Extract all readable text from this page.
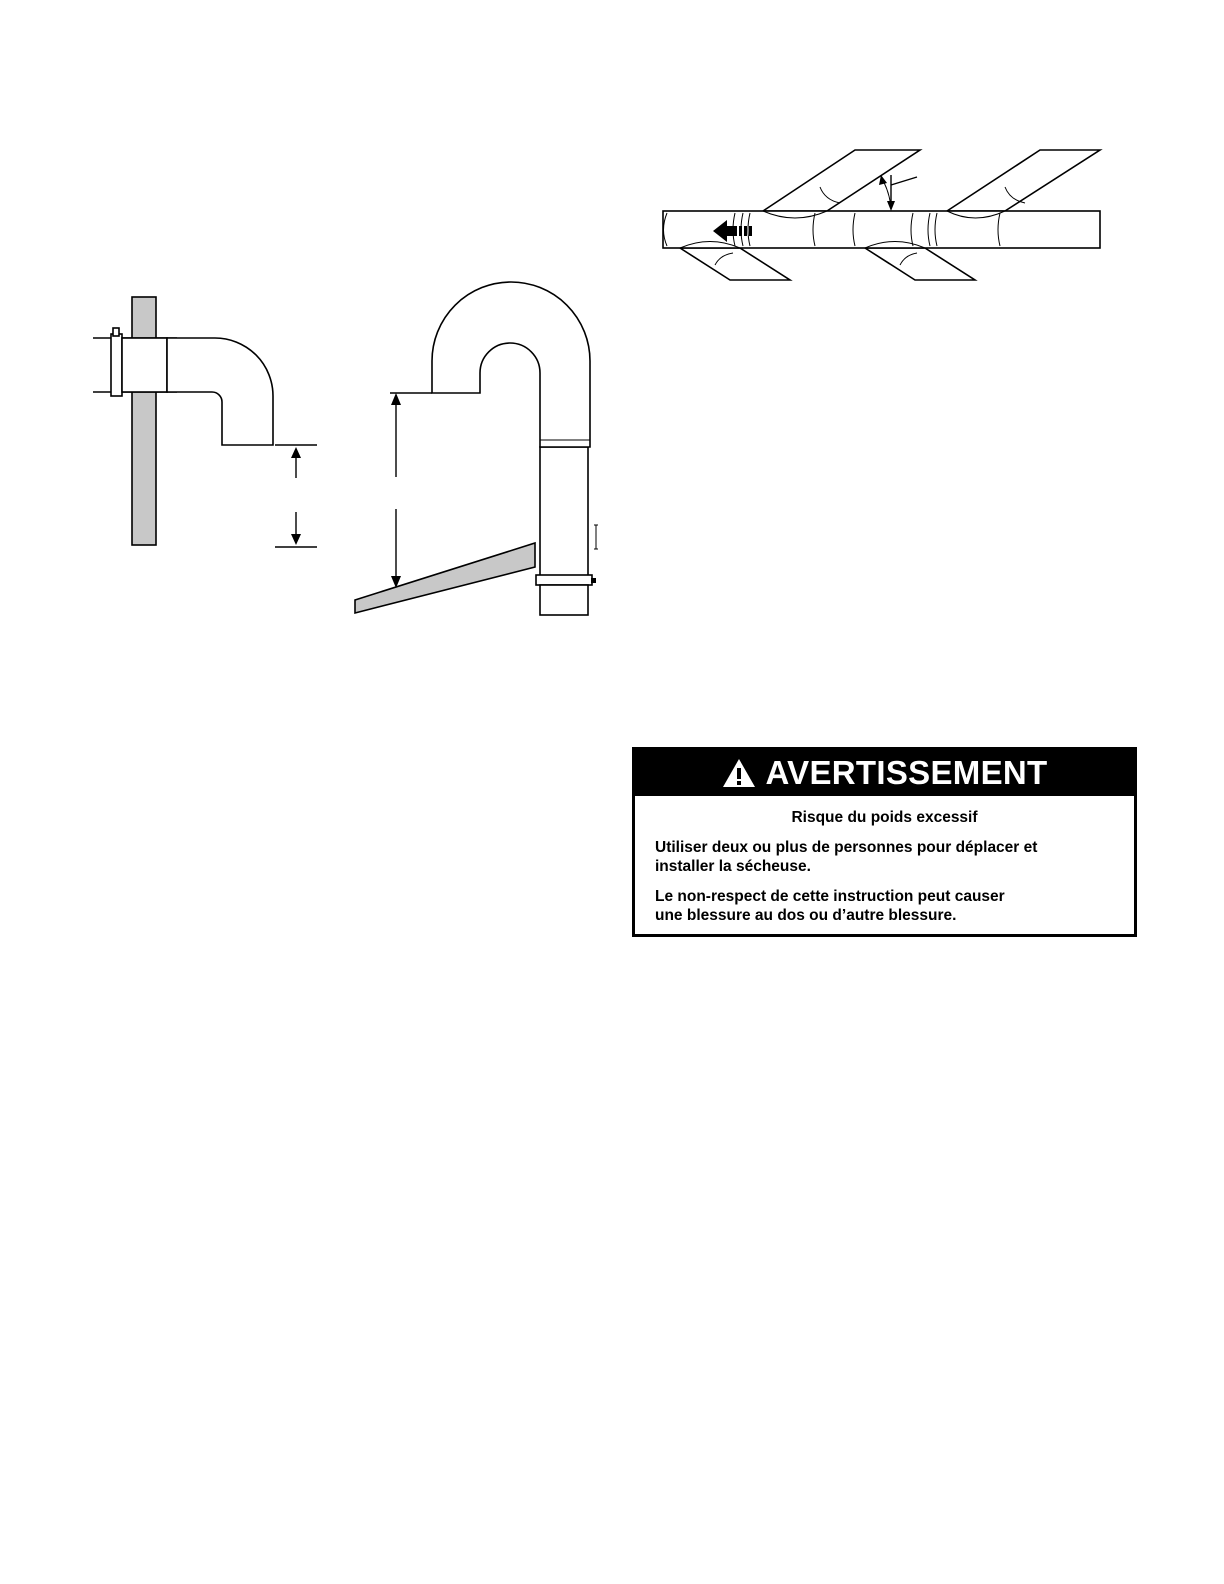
AVERTISSEMENT
Risque du poids excessif
Utiliser deux ou plus de personnes pour déplacer et
installer la sécheuse.
Le non-respect de cette instruction peut causer
une blessure au dos ou d’autre blessure.
